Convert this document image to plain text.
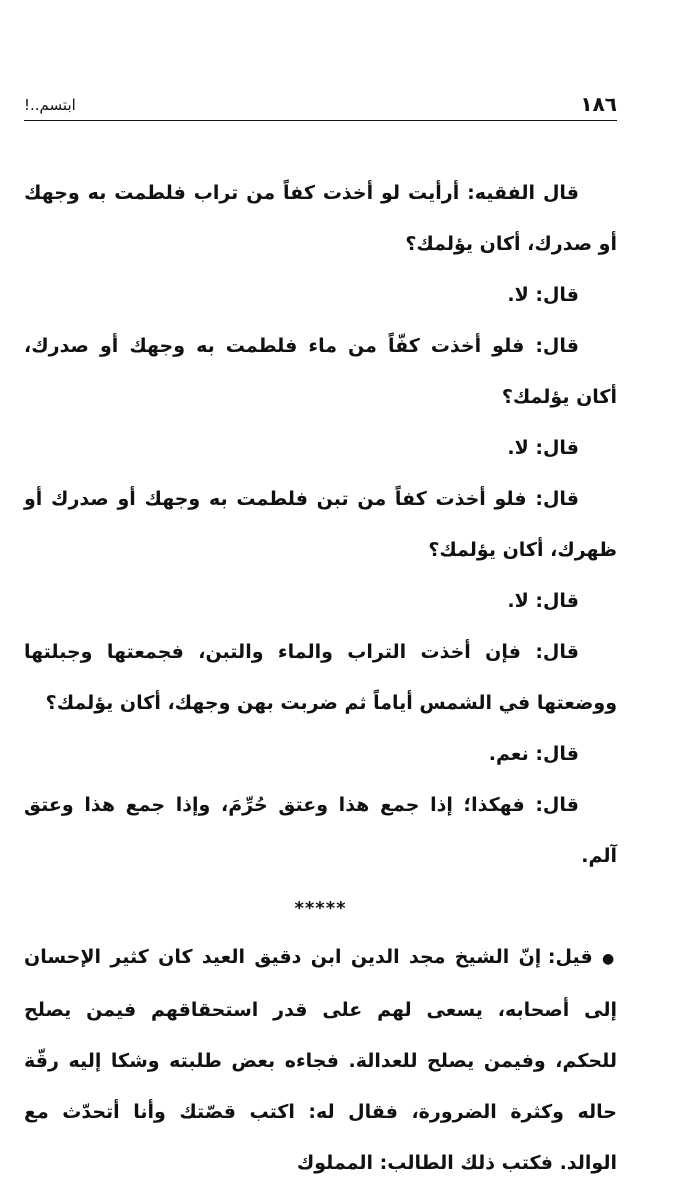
١٨٦
ابتسم..!

قال الفقيه: أرأيت لو أخذت كفاً من تراب فلطمت به وجهك أو صدرك، أكان يؤلمك؟

قال: لا.

قال: فلو أخذت كفّاً من ماء فلطمت به وجهك أو صدرك، أكان يؤلمك؟

قال: لا.

قال: فلو أخذت كفاً من تبن فلطمت به وجهك أو صدرك أو ظهرك، أكان يؤلمك؟

قال: لا.

قال: فإن أخذت التراب والماء والتبن، فجمعتها وجبلتها ووضعتها في الشمس أياماً ثم ضربت بهن وجهك، أكان يؤلمك؟

قال: نعم.

قال: فهكذا؛ إذا جمع هذا وعتق حُرِّمَ، وإذا جمع هذا وعتق آلم.

*****

● قيل: إنّ الشيخ مجد الدين ابن دقيق العيد كان كثير الإحسان إلى أصحابه، يسعى لهم على قدر استحقاقهم فيمن يصلح للحكم، وفيمن يصلح للعدالة. فجاءه بعض طلبته وشكا إليه رقّة حاله وكثرة الضرورة، فقال له: اكتب قصّتك وأنا أتحدّث مع الوالد. فكتب ذلك الطالب: المملوك
